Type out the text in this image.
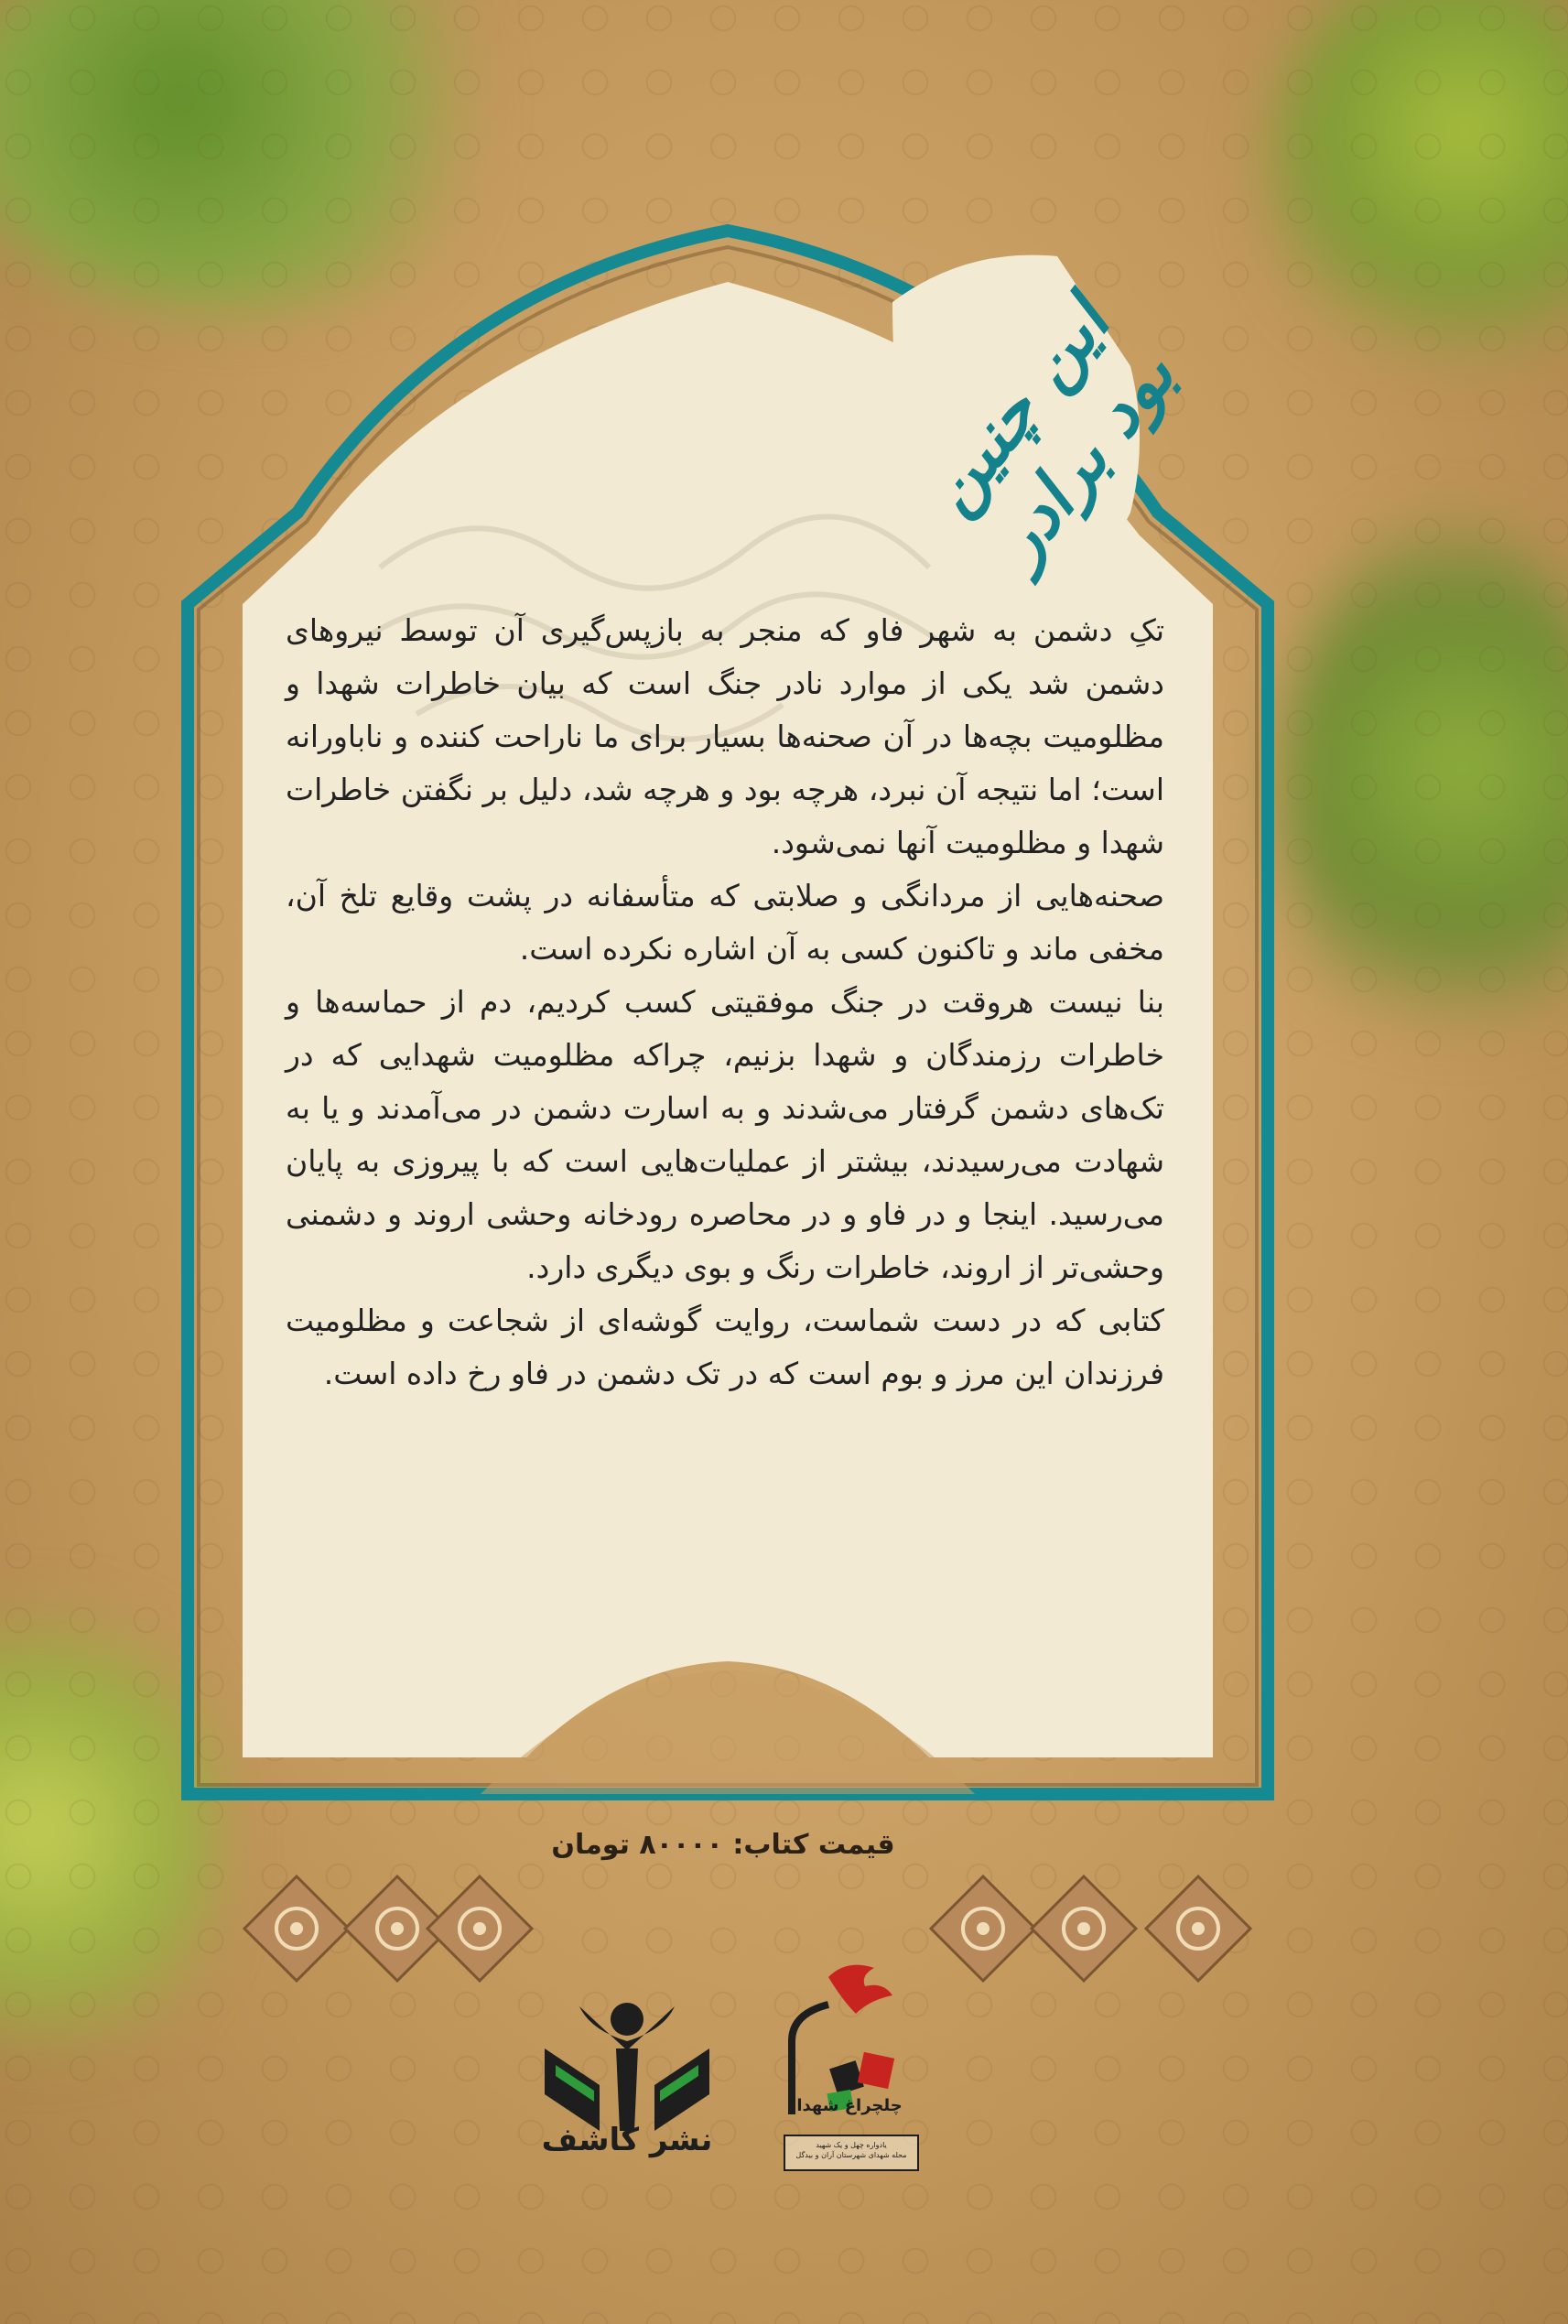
این چنین بود برادر

تکِ دشمن به شهر فاو که منجر به بازپس‌گیری آن توسط نیروهای دشمن شد یکی از موارد نادر جنگ است که بیان خاطرات شهدا و مظلومیت بچه‌ها در آن صحنه‌ها بسیار برای ما ناراحت کننده و ناباورانه است؛ اما نتیجه آن نبرد، هرچه بود و هرچه شد، دلیل بر نگفتن خاطرات شهدا و مظلومیت آنها نمی‌شود.

صحنه‌هایی از مردانگی و صلابتی که متأسفانه در پشت وقایع تلخ آن، مخفی ماند و تاکنون کسی به آن اشاره نکرده است.

بنا نیست هروقت در جنگ موفقیتی کسب کردیم، دم از حماسه‌ها و خاطرات رزمندگان و شهدا بزنیم، چراکه مظلومیت شهدایی که در تک‌های دشمن گرفتار می‌شدند و به اسارت دشمن در می‌آمدند و یا به شهادت می‌رسیدند، بیشتر از عملیات‌هایی است که با پیروزی به پایان می‌رسید. اینجا و در فاو و در محاصره رودخانه وحشی اروند و دشمنی وحشی‌تر از اروند، خاطرات رنگ و بوی دیگری دارد.

کتابی که در دست شماست، روایت گوشه‌ای از شجاعت و مظلومیت فرزندان این مرز و بوم است که در تک دشمن در فاو رخ داده است.

قیمت کتاب: ۸۰۰۰۰ تومان
نشر کاشف
چلچراغ شهدا
یادواره چهل و یک شهید
محله شهدای شهرستان آران و بیدگل
